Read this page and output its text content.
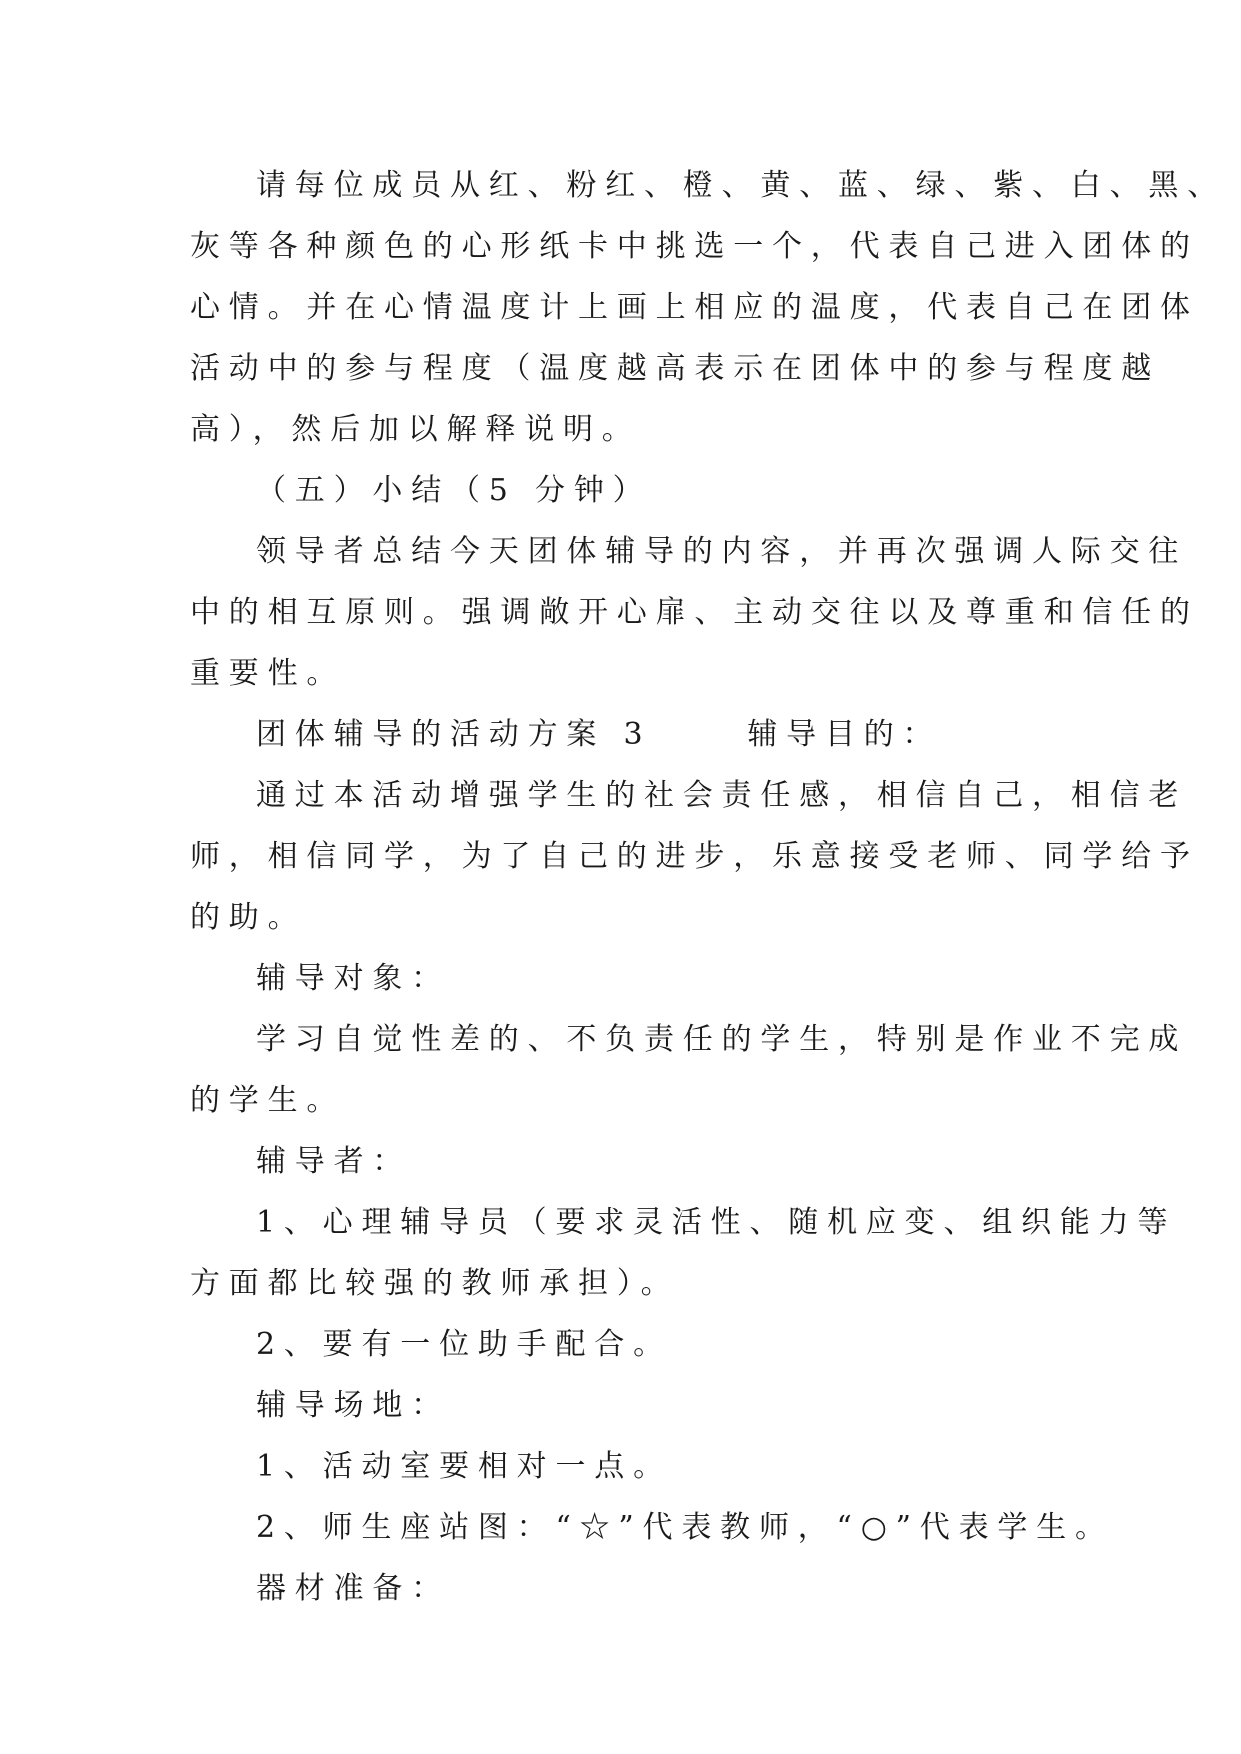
请每位成员从红、粉红、橙、黄、蓝、绿、紫、白、黑、
灰等各种颜色的心形纸卡中挑选一个，代表自己进入团体的
心情。并在心情温度计上画上相应的温度，代表自己在团体
活动中的参与程度（温度越高表示在团体中的参与程度越
高），然后加以解释说明。
（五）小结（5 分钟）
领导者总结今天团体辅导的内容，并再次强调人际交往
中的相互原则。强调敞开心扉、主动交往以及尊重和信任的
重要性。
团体辅导的活动方案 3　　 辅导目的：
通过本活动增强学生的社会责任感，相信自己，相信老
师，相信同学，为了自己的进步，乐意接受老师、同学给予
的助。
辅导对象：
学习自觉性差的、不负责任的学生，特别是作业不完成
的学生。
辅导者：
1、心理辅导员（要求灵活性、随机应变、组织能力等
方面都比较强的教师承担）。
2、要有一位助手配合。
辅导场地：
1、活动室要相对一点。
2、师生座站图：“☆”代表教师，“○”代表学生。
器材准备：
